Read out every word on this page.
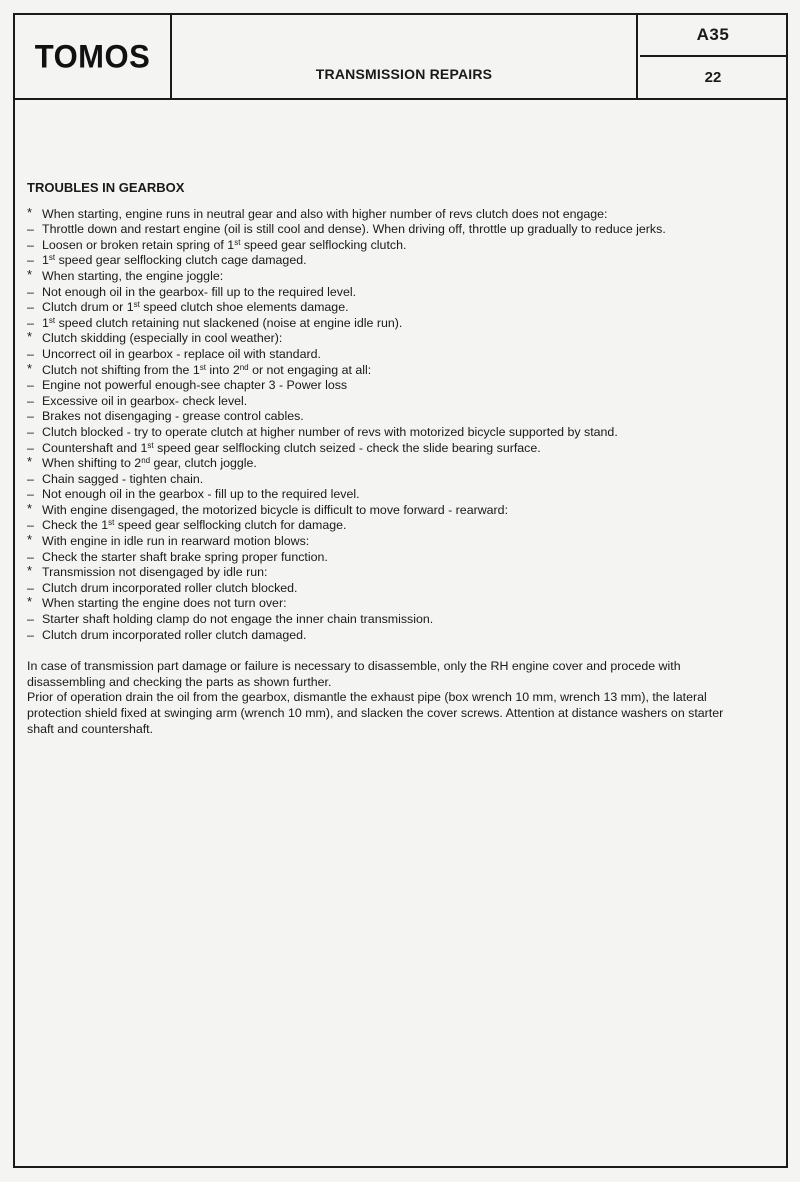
TOMOS	TRANSMISSION REPAIRS
A35
22
TROUBLES IN GEARBOX
* When starting, engine runs in neutral gear and also with higher number of revs clutch does not engage:
– Throttle down and restart engine (oil is still cool and dense). When driving off, throttle up gradually to reduce jerks.
– Loosen or broken retain spring of 1st speed gear selflocking clutch.
– 1st speed gear selflocking clutch cage damaged.
* When starting, the engine joggle:
– Not enough oil in the gearbox- fill up to the required level.
– Clutch drum or 1st speed clutch shoe elements damage.
– 1st speed clutch retaining nut slackened (noise at engine idle run).
* Clutch skidding (especially in cool weather):
– Uncorrect oil in gearbox - replace oil with standard.
* Clutch not shifting from the 1st into 2nd or not engaging at all:
– Engine not powerful enough-see chapter 3 - Power loss
– Excessive oil in gearbox- check level.
– Brakes not disengaging - grease control cables.
– Clutch blocked - try to operate clutch at higher number of revs with motorized bicycle supported by stand.
– Countershaft and 1st speed gear selflocking clutch seized - check the slide bearing surface.
* When shifting to 2nd gear, clutch joggle.
– Chain sagged - tighten chain.
– Not enough oil in the gearbox - fill up to the required level.
* With engine disengaged, the motorized bicycle is difficult to move forward - rearward:
– Check the 1st speed gear selflocking clutch for damage.
* With engine in idle run in rearward motion blows:
– Check the starter shaft brake spring proper function.
* Transmission not disengaged by idle run:
– Clutch drum incorporated roller clutch blocked.
* When starting the engine does not turn over:
– Starter shaft holding clamp do not engage the inner chain transmission.
– Clutch drum incorporated roller clutch damaged.

In case of transmission part damage or failure is necessary to disassemble, only the RH engine cover and procede with disassembling and checking the parts as shown further.

Prior of operation drain the oil from the gearbox, dismantle the exhaust pipe (box wrench 10 mm, wrench 13 mm), the lateral protection shield fixed at swinging arm (wrench 10 mm), and slacken the cover screws. Attention at distance washers on starter shaft and countershaft.
